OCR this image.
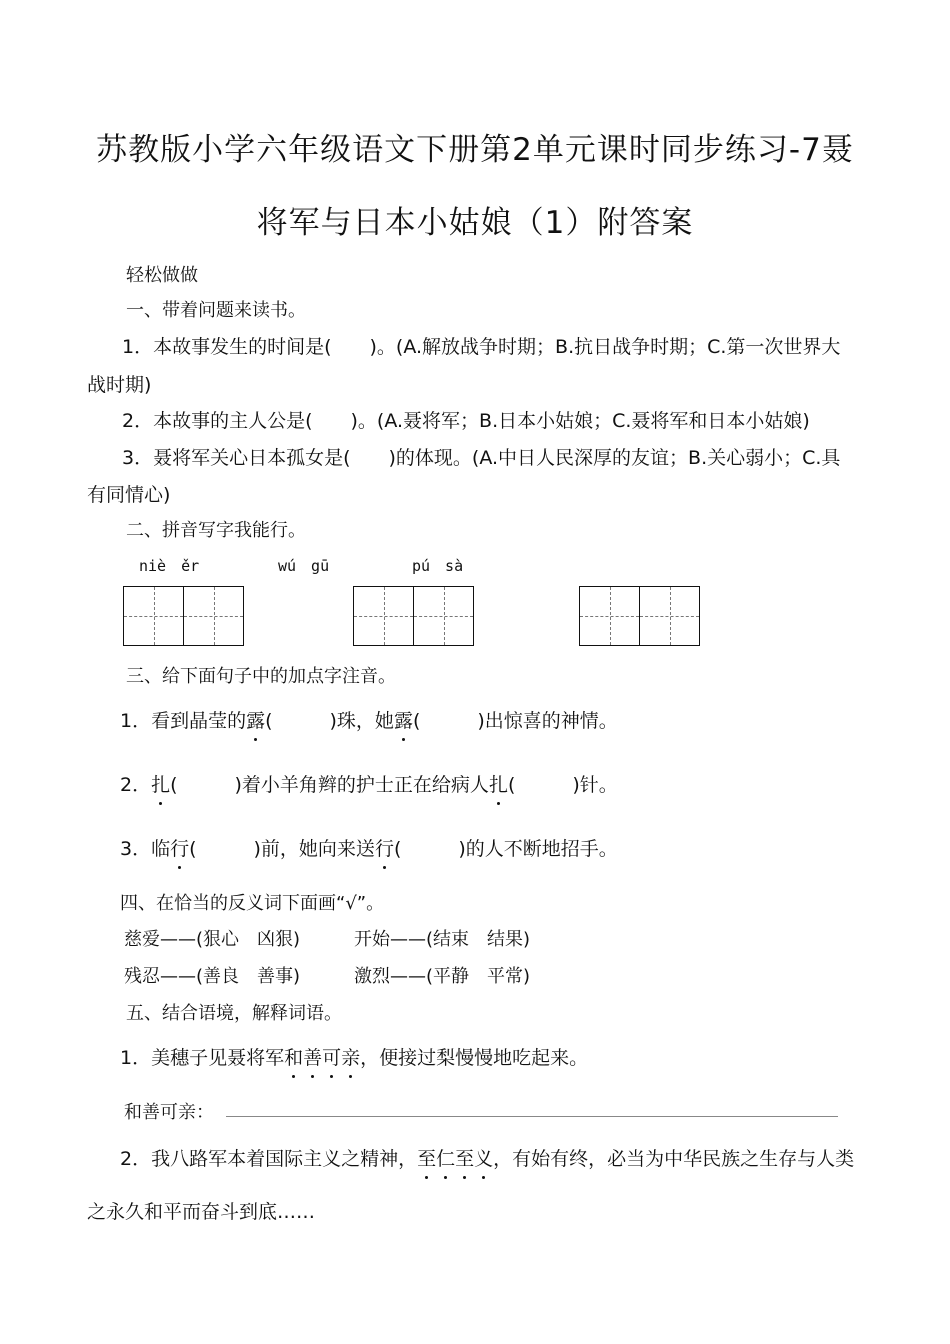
苏教版小学六年级语文下册第2单元课时同步练习-7聂
将军与日本小姑娘（1）附答案
轻松做做
一、带着问题来读书。
1．本故事发生的时间是(　　)。(A.解放战争时期；B.抗日战争时期；C.第一次世界大
战时期)
2．本故事的主人公是(　　)。(A.聂将军；B.日本小姑娘；C.聂将军和日本小姑娘)
3．聂将军关心日本孤女是(　　)的体现。(A.中日人民深厚的友谊；B.关心弱小；C.具
有同情心)
二、拼音写字我能行。
niè　ěr	wú　gū	pú　sà
三、给下面句子中的加点字注音。
1．看到晶莹的露(　　　)珠，她露(　　　)出惊喜的神情。
2．扎(　　　)着小羊角辫的护士正在给病人扎(　　　)针。
3．临行(　　　)前，她向来送行(　　　)的人不断地招手。
四、在恰当的反义词下面画“√”。
慈爱——(狠心　凶狠)	开始——(结束　结果)
残忍——(善良　善事)	激烈——(平静　平常)
五、结合语境，解释词语。
1．美穗子见聂将军和善可亲，便接过梨慢慢地吃起来。
和善可亲：
2．我八路军本着国际主义之精神，至仁至义，有始有终，必当为中华民族之生存与人类
之永久和平而奋斗到底……
